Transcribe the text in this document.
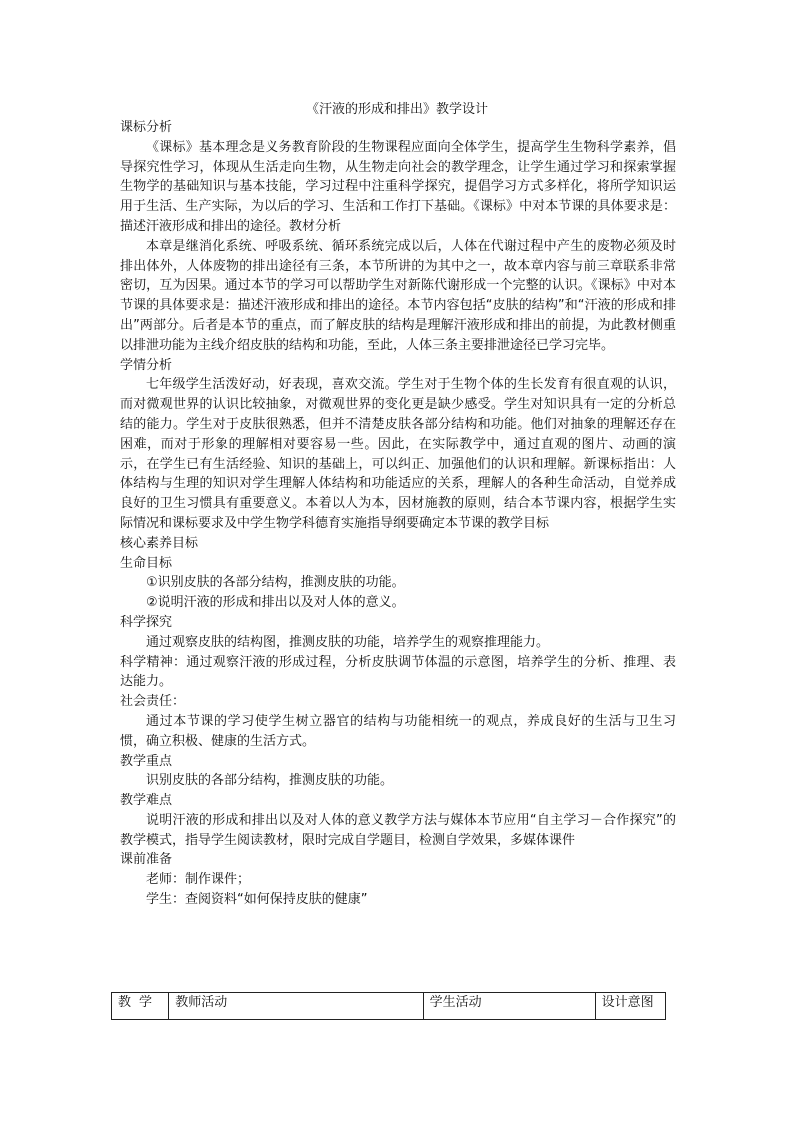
《汗液的形成和排出》教学设计

课标分析

《课标》基本理念是义务教育阶段的生物课程应面向全体学生，提高学生生物科学素养，倡导探究性学习，体现从生活走向生物，从生物走向社会的教学理念，让学生通过学习和探索掌握生物学的基础知识与基本技能，学习过程中注重科学探究，提倡学习方式多样化，将所学知识运用于生活、生产实际，为以后的学习、生活和工作打下基础。《课标》中对本节课的具体要求是：描述汗液形成和排出的途径。教材分析

本章是继消化系统、呼吸系统、循环系统完成以后，人体在代谢过程中产生的废物必须及时排出体外，人体废物的排出途径有三条，本节所讲的为其中之一，故本章内容与前三章联系非常密切，互为因果。通过本节的学习可以帮助学生对新陈代谢形成一个完整的认识。《课标》中对本节课的具体要求是：描述汗液形成和排出的途径。本节内容包括“皮肤的结构”和“汗液的形成和排出”两部分。后者是本节的重点，而了解皮肤的结构是理解汗液形成和排出的前提，为此教材侧重以排泄功能为主线介绍皮肤的结构和功能，至此，人体三条主要排泄途径已学习完毕。

学情分析

七年级学生活泼好动，好表现，喜欢交流。学生对于生物个体的生长发育有很直观的认识，而对微观世界的认识比较抽象，对微观世界的变化更是缺少感受。学生对知识具有一定的分析总结的能力。学生对于皮肤很熟悉，但并不清楚皮肤各部分结构和功能。他们对抽象的理解还存在困难，而对于形象的理解相对要容易一些。因此，在实际教学中，通过直观的图片、动画的演示，在学生已有生活经验、知识的基础上，可以纠正、加强他们的认识和理解。新课标指出：人体结构与生理的知识对学生理解人体结构和功能适应的关系，理解人的各种生命活动，自觉养成良好的卫生习惯具有重要意义。本着以人为本，因材施教的原则，结合本节课内容，根据学生实际情况和课标要求及中学生物学科德育实施指导纲要确定本节课的教学目标

核心素养目标

生命目标

①识别皮肤的各部分结构，推测皮肤的功能。

②说明汗液的形成和排出以及对人体的意义。

科学探究

通过观察皮肤的结构图，推测皮肤的功能，培养学生的观察推理能力。

科学精神：通过观察汗液的形成过程，分析皮肤调节体温的示意图，培养学生的分析、推理、表达能力。

社会责任：

通过本节课的学习使学生树立器官的结构与功能相统一的观点，养成良好的生活与卫生习惯，确立积极、健康的生活方式。

教学重点

识别皮肤的各部分结构，推测皮肤的功能。

教学难点

说明汗液的形成和排出以及对人体的意义教学方法与媒体本节应用“自主学习－合作探究”的教学模式，指导学生阅读教材，限时完成自学题目，检测自学效果，多媒体课件

课前准备

老师：制作课件；

学生：查阅资料“如何保持皮肤的健康”

教学	教师活动	学生活动	设计意图
